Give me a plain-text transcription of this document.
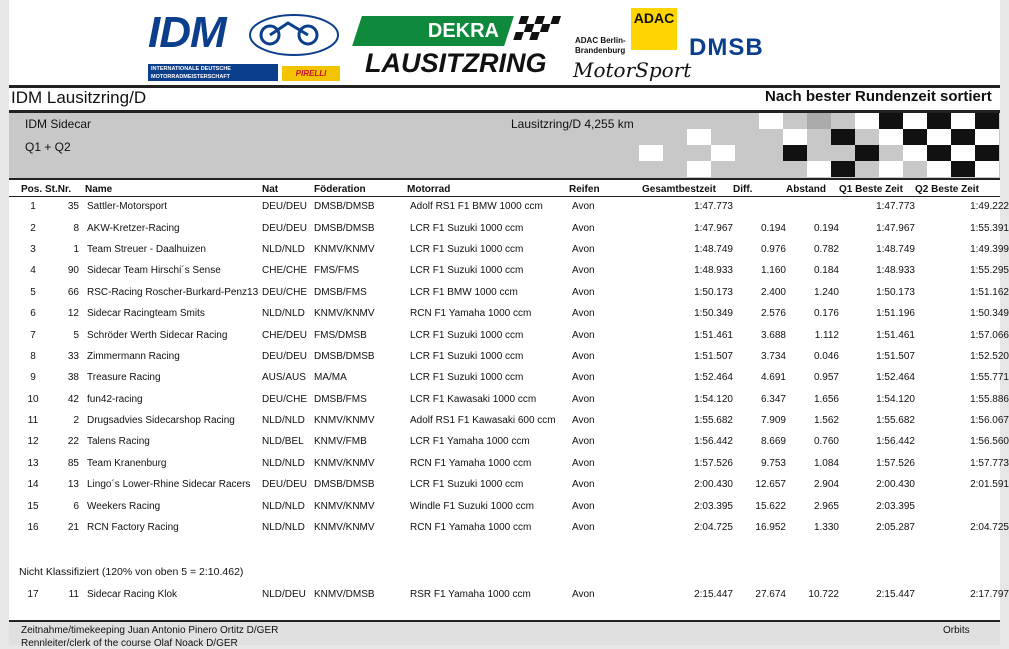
IDM
INTERNATIONALE DEUTSCHE
MOTORRADMEISTERSCHAFT	PIRELLI
DEKRA
LAUSITZRING
ADAC
ADAC Berlin-
Brandenburg
MotorSport
DMSB
IDM Lausitzring/D	Nach bester Rundenzeit sortiert
IDM Sidecar	Lausitzring/D 4,255 km
Q1 + Q2
Pos.	St.Nr.	Name	Nat	Föderation	Motorrad	Reifen	Gesamtbestzeit	Diff.	Abstand	Q1 Beste Zeit	Q2 Beste Zeit
1	35	Sattler-Motorsport	DEU/DEU	DMSB/DMSB	Adolf RS1 F1 BMW 1000 ccm	Avon	1:47.773			1:47.773	1:49.222
2	8	AKW-Kretzer-Racing	DEU/DEU	DMSB/DMSB	LCR F1 Suzuki 1000 ccm	Avon	1:47.967	0.194	0.194	1:47.967	1:55.391
3	1	Team Streuer - Daalhuizen	NLD/NLD	KNMV/KNMV	LCR F1 Suzuki 1000 ccm	Avon	1:48.749	0.976	0.782	1:48.749	1:49.399
4	90	Sidecar Team Hirschi´s Sense	CHE/CHE	FMS/FMS	LCR F1 Suzuki 1000 ccm	Avon	1:48.933	1.160	0.184	1:48.933	1:55.295
5	66	RSC-Racing Roscher-Burkard-Penz13	DEU/CHE	DMSB/FMS	LCR F1 BMW 1000 ccm	Avon	1:50.173	2.400	1.240	1:50.173	1:51.162
6	12	Sidecar Racingteam Smits	NLD/NLD	KNMV/KNMV	RCN F1 Yamaha 1000 ccm	Avon	1:50.349	2.576	0.176	1:51.196	1:50.349
7	5	Schröder Werth Sidecar Racing	CHE/DEU	FMS/DMSB	LCR F1 Suzuki 1000 ccm	Avon	1:51.461	3.688	1.112	1:51.461	1:57.066
8	33	Zimmermann Racing	DEU/DEU	DMSB/DMSB	LCR F1 Suzuki 1000 ccm	Avon	1:51.507	3.734	0.046	1:51.507	1:52.520
9	38	Treasure Racing	AUS/AUS	MA/MA	LCR F1 Suzuki 1000 ccm	Avon	1:52.464	4.691	0.957	1:52.464	1:55.771
10	42	fun42-racing	DEU/CHE	DMSB/FMS	LCR F1 Kawasaki 1000 ccm	Avon	1:54.120	6.347	1.656	1:54.120	1:55.886
11	2	Drugsadvies Sidecarshop Racing	NLD/NLD	KNMV/KNMV	Adolf RS1 F1 Kawasaki 600 ccm	Avon	1:55.682	7.909	1.562	1:55.682	1:56.067
12	22	Talens Racing	NLD/BEL	KNMV/FMB	LCR F1 Yamaha 1000 ccm	Avon	1:56.442	8.669	0.760	1:56.442	1:56.560
13	85	Team Kranenburg	NLD/NLD	KNMV/KNMV	RCN F1 Yamaha 1000 ccm	Avon	1:57.526	9.753	1.084	1:57.526	1:57.773
14	13	Lingo´s Lower-Rhine Sidecar Racers	DEU/DEU	DMSB/DMSB	LCR F1 Suzuki 1000 ccm	Avon	2:00.430	12.657	2.904	2:00.430	2:01.591
15	6	Weekers Racing	NLD/NLD	KNMV/KNMV	Windle F1 Suzuki 1000 ccm	Avon	2:03.395	15.622	2.965	2:03.395	
16	21	RCN Factory Racing	NLD/NLD	KNMV/KNMV	RCN F1 Yamaha 1000 ccm	Avon	2:04.725	16.952	1.330	2:05.287	2:04.725
Nicht Klassifiziert (120% von oben 5 = 2:10.462)
17	11	Sidecar Racing Klok	NLD/DEU	KNMV/DMSB	RSR F1 Yamaha 1000 ccm	Avon	2:15.447	27.674	10.722	2:15.447	2:17.797
Zeitnahme/timekeeping Juan Antonio Pinero Ortitz D/GER
Rennleiter/clerk of the course Olaf Noack D/GER
Orbits
